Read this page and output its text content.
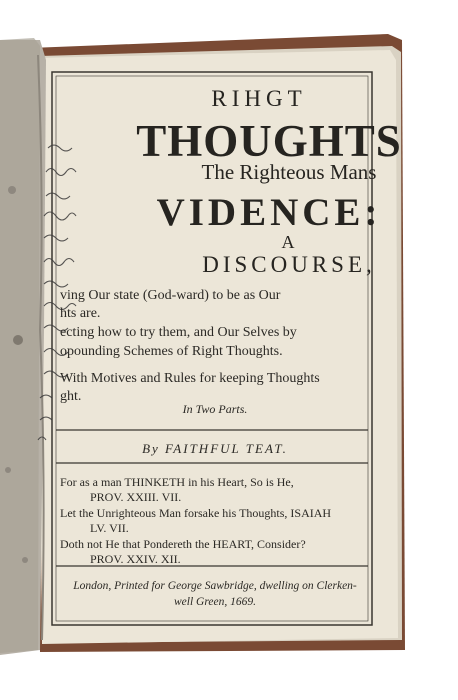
RIHGT
THOUGHTS
The Righteous Mans
VIDENCE:
A
DISCOURSE,
ving Our state (God-ward) to be as Our
hts are.
ecting how to try them, and Our Selves by
opounding Schemes of Right Thoughts.
With Motives and Rules for keeping Thoughts
ght.
In Two Parts.
By FAITHFUL TEAT.
For as a man THINKETH in his Heart, So is He,
PROV. XXIII. VII.
Let the Unrighteous Man forsake his Thoughts, ISAIAH
LV. VII.
Doth not He that Pondereth the HEART, Consider?
PROV. XXIV. XII.
London, Printed for George Sawbridge, dwelling on Clerken-
well Green, 1669.
